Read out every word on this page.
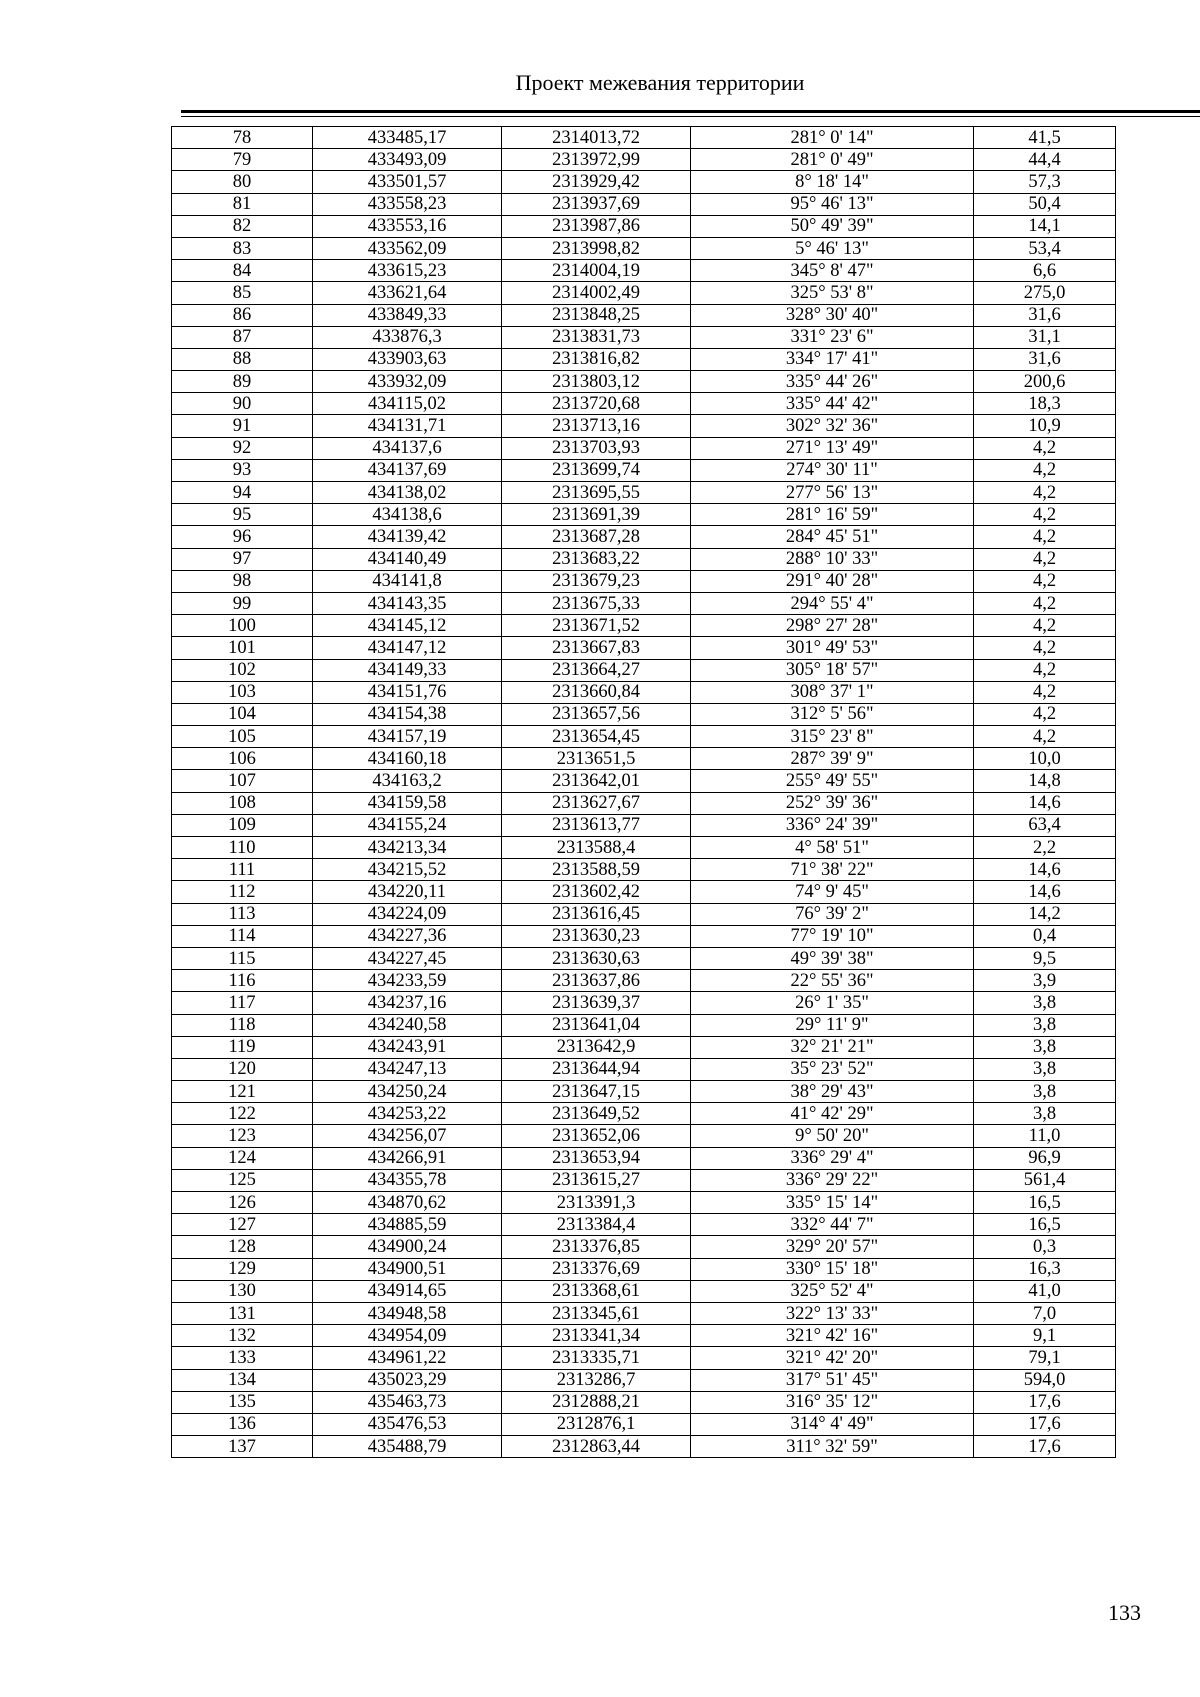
Проект межевания территории
78	433485,17	2314013,72	281° 0' 14"	41,5
79	433493,09	2313972,99	281° 0' 49"	44,4
80	433501,57	2313929,42	8° 18' 14"	57,3
81	433558,23	2313937,69	95° 46' 13"	50,4
82	433553,16	2313987,86	50° 49' 39"	14,1
83	433562,09	2313998,82	5° 46' 13"	53,4
84	433615,23	2314004,19	345° 8' 47"	6,6
85	433621,64	2314002,49	325° 53' 8"	275,0
86	433849,33	2313848,25	328° 30' 40"	31,6
87	433876,3	2313831,73	331° 23' 6"	31,1
88	433903,63	2313816,82	334° 17' 41"	31,6
89	433932,09	2313803,12	335° 44' 26"	200,6
90	434115,02	2313720,68	335° 44' 42"	18,3
91	434131,71	2313713,16	302° 32' 36"	10,9
92	434137,6	2313703,93	271° 13' 49"	4,2
93	434137,69	2313699,74	274° 30' 11"	4,2
94	434138,02	2313695,55	277° 56' 13"	4,2
95	434138,6	2313691,39	281° 16' 59"	4,2
96	434139,42	2313687,28	284° 45' 51"	4,2
97	434140,49	2313683,22	288° 10' 33"	4,2
98	434141,8	2313679,23	291° 40' 28"	4,2
99	434143,35	2313675,33	294° 55' 4"	4,2
100	434145,12	2313671,52	298° 27' 28"	4,2
101	434147,12	2313667,83	301° 49' 53"	4,2
102	434149,33	2313664,27	305° 18' 57"	4,2
103	434151,76	2313660,84	308° 37' 1"	4,2
104	434154,38	2313657,56	312° 5' 56"	4,2
105	434157,19	2313654,45	315° 23' 8"	4,2
106	434160,18	2313651,5	287° 39' 9"	10,0
107	434163,2	2313642,01	255° 49' 55"	14,8
108	434159,58	2313627,67	252° 39' 36"	14,6
109	434155,24	2313613,77	336° 24' 39"	63,4
110	434213,34	2313588,4	4° 58' 51"	2,2
111	434215,52	2313588,59	71° 38' 22"	14,6
112	434220,11	2313602,42	74° 9' 45"	14,6
113	434224,09	2313616,45	76° 39' 2"	14,2
114	434227,36	2313630,23	77° 19' 10"	0,4
115	434227,45	2313630,63	49° 39' 38"	9,5
116	434233,59	2313637,86	22° 55' 36"	3,9
117	434237,16	2313639,37	26° 1' 35"	3,8
118	434240,58	2313641,04	29° 11' 9"	3,8
119	434243,91	2313642,9	32° 21' 21"	3,8
120	434247,13	2313644,94	35° 23' 52"	3,8
121	434250,24	2313647,15	38° 29' 43"	3,8
122	434253,22	2313649,52	41° 42' 29"	3,8
123	434256,07	2313652,06	9° 50' 20"	11,0
124	434266,91	2313653,94	336° 29' 4"	96,9
125	434355,78	2313615,27	336° 29' 22"	561,4
126	434870,62	2313391,3	335° 15' 14"	16,5
127	434885,59	2313384,4	332° 44' 7"	16,5
128	434900,24	2313376,85	329° 20' 57"	0,3
129	434900,51	2313376,69	330° 15' 18"	16,3
130	434914,65	2313368,61	325° 52' 4"	41,0
131	434948,58	2313345,61	322° 13' 33"	7,0
132	434954,09	2313341,34	321° 42' 16"	9,1
133	434961,22	2313335,71	321° 42' 20"	79,1
134	435023,29	2313286,7	317° 51' 45"	594,0
135	435463,73	2312888,21	316° 35' 12"	17,6
136	435476,53	2312876,1	314° 4' 49"	17,6
137	435488,79	2312863,44	311° 32' 59"	17,6
133
